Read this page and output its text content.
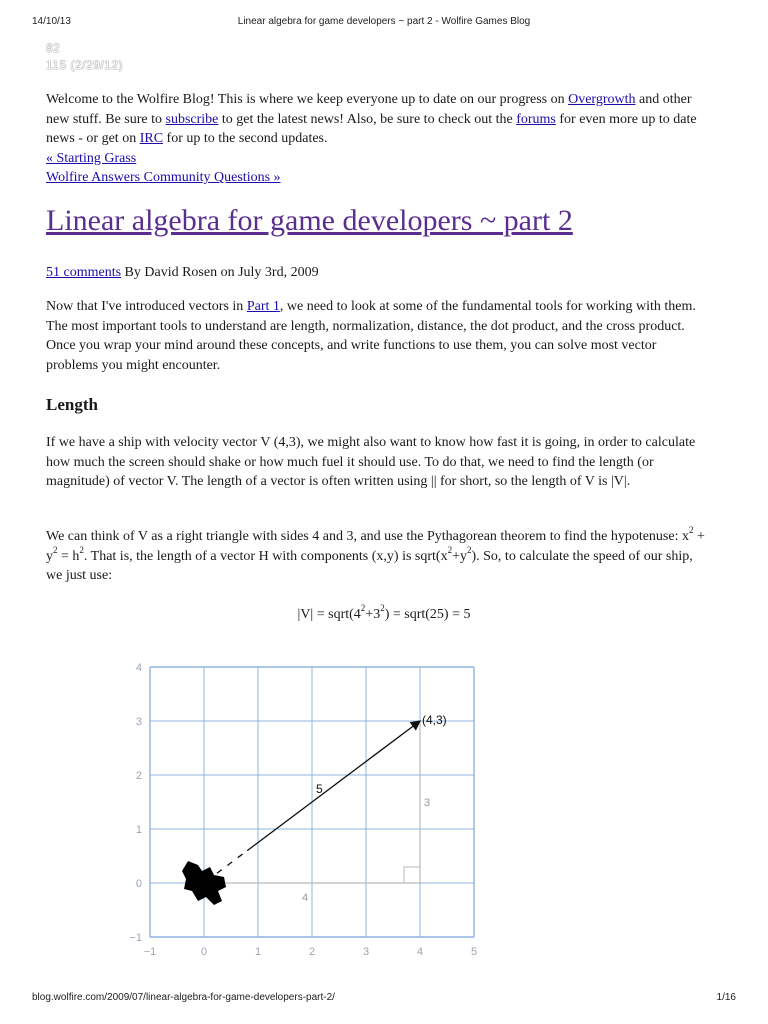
14/10/13	Linear algebra for game developers ~ part 2 - Wolfire Games Blog
82
115 (2/29/12)

Welcome to the Wolfire Blog! This is where we keep everyone up to date on our progress on Overgrowth and other new stuff. Be sure to subscribe to get the latest news! Also, be sure to check out the forums for even more up to date news - or get on IRC for up to the second updates.

« Starting Grass
Wolfire Answers Community Questions »
Linear algebra for game developers ~ part 2
51 comments By David Rosen on July 3rd, 2009

Now that I've introduced vectors in Part 1, we need to look at some of the fundamental tools for working with them. The most important tools to understand are length, normalization, distance, the dot product, and the cross product. Once you wrap your mind around these concepts, and write functions to use them, you can solve most vector problems you might encounter.

Length

If we have a ship with velocity vector V (4,3), we might also want to know how fast it is going, in order to calculate how much the screen should shake or how much fuel it should use. To do that, we need to find the length (or magnitude) of vector V. The length of a vector is often written using || for short, so the length of V is |V|.

We can think of V as a right triangle with sides 4 and 3, and use the Pythagorean theorem to find the hypotenuse: $x^2 + y^2 = h^2$. That is, the length of a vector H with components (x,y) is $sqrt(x^2+y^2)$. So, to calculate the speed of our ship, we just use:

$|V| = sqrt(4^2+3^2)$ = sqrt(25) = 5
−1	0	1	2	3	4	5
4
3
2
1
0
−1
(4,3)
5
4
3
blog.wolfire.com/2009/07/linear-algebra-for-game-developers-part-2/	1/16
